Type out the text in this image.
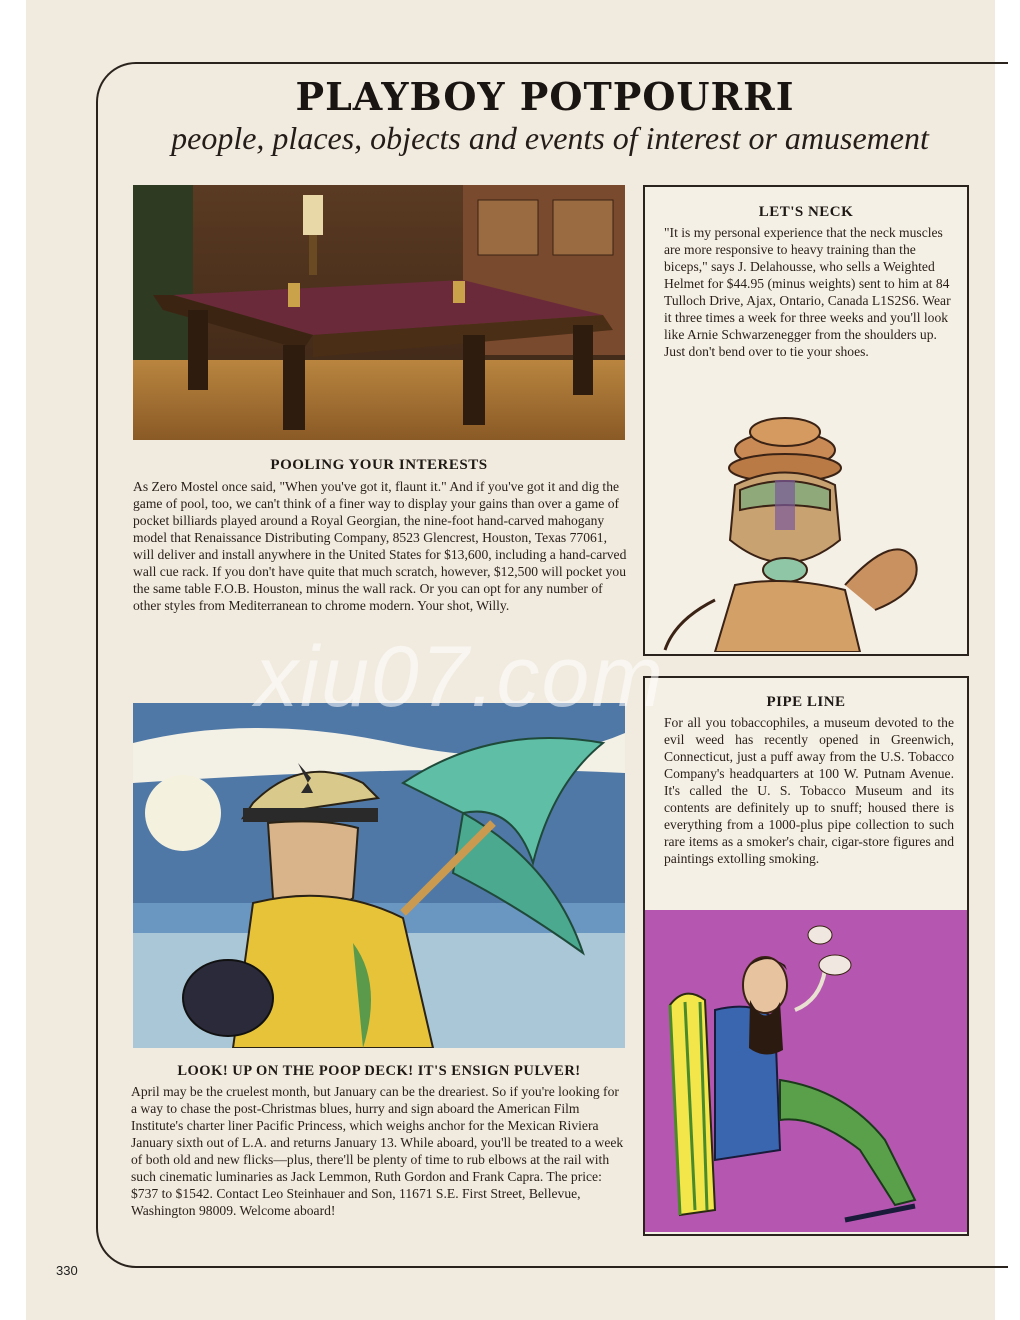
PLAYBOY POTPOURRI

people, places, objects and events of interest or amusement

POOLING YOUR INTERESTS

As Zero Mostel once said, "When you've got it, flaunt it." And if you've got it and dig the game of pool, too, we can't think of a finer way to display your gains than over a game of pocket billiards played around a Royal Georgian, the nine-foot hand-carved mahogany model that Renaissance Distributing Company, 8523 Glencrest, Houston, Texas 77061, will deliver and install anywhere in the United States for $13,600, including a hand-carved wall cue rack. If you don't have quite that much scratch, however, $12,500 will pocket you the same table F.O.B. Houston, minus the wall rack. Or you can opt for any number of other styles from Mediterranean to chrome modern. Your shot, Willy.

LET'S NECK

"It is my personal experience that the neck muscles are more responsive to heavy training than the biceps," says J. Delahousse, who sells a Weighted Helmet for $44.95 (minus weights) sent to him at 84 Tulloch Drive, Ajax, Ontario, Canada L1S2S6. Wear it three times a week for three weeks and you'll look like Arnie Schwarzenegger from the shoulders up. Just don't bend over to tie your shoes.

PIPE LINE

For all you tobaccophiles, a museum devoted to the evil weed has recently opened in Greenwich, Connecticut, just a puff away from the U.S. Tobacco Company's headquarters at 100 W. Putnam Avenue. It's called the U. S. Tobacco Museum and its contents are definitely up to snuff; housed there is everything from a 1000-plus pipe collection to such rare items as a smoker's chair, cigar-store figures and paintings extolling smoking.

LOOK! UP ON THE POOP DECK! IT'S ENSIGN PULVER!

April may be the cruelest month, but January can be the dreariest. So if you're looking for a way to chase the post-Christmas blues, hurry and sign aboard the American Film Institute's charter liner Pacific Princess, which weighs anchor for the Mexican Riviera January sixth out of L.A. and returns January 13. While aboard, you'll be treated to a week of both old and new flicks—plus, there'll be plenty of time to rub elbows at the rail with such cinematic luminaries as Jack Lemmon, Ruth Gordon and Frank Capra. The price: $737 to $1542. Contact Leo Steinhauer and Son, 11671 S.E. First Street, Bellevue, Washington 98009. Welcome aboard!

xiu07.com
330
